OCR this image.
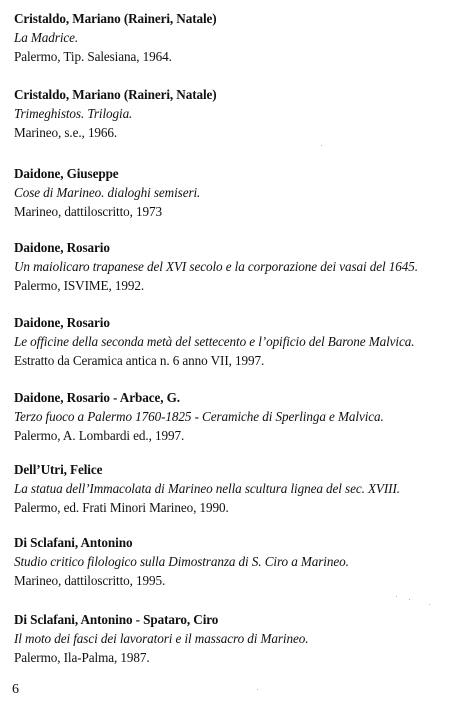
Cristaldo, Mariano (Raineri, Natale)
La Madrice.
Palermo, Tip. Salesiana, 1964.
Cristaldo, Mariano (Raineri, Natale)
Trimeghistos. Trilogia.
Marineo, s.e., 1966.
Daidone, Giuseppe
Cose di Marineo. dialoghi semiseri.
Marineo, dattiloscritto, 1973
Daidone, Rosario
Un maiolicaro trapanese del XVI secolo e la corporazione dei vasai del 1645.
Palermo, ISVIME, 1992.
Daidone, Rosario
Le officine della seconda metà del settecento e l’opificio del Barone Malvica.
Estratto da Ceramica antica n. 6 anno VII, 1997.
Daidone, Rosario - Arbace, G.
Terzo fuoco a Palermo 1760-1825 - Ceramiche di Sperlinga e Malvica.
Palermo, A. Lombardi ed., 1997.
Dell’Utri, Felice
La statua dell’Immacolata di Marineo nella scultura lignea del sec. XVIII.
Palermo, ed. Frati Minori Marineo, 1990.
Di Sclafani, Antonino
Studio critico filologico sulla Dimostranza di S. Ciro a Marineo.
Marineo, dattiloscritto, 1995.
Di Sclafani, Antonino - Spataro, Ciro
Il moto dei fasci dei lavoratori e il massacro di Marineo.
Palermo, Ila-Palma, 1987.
6
